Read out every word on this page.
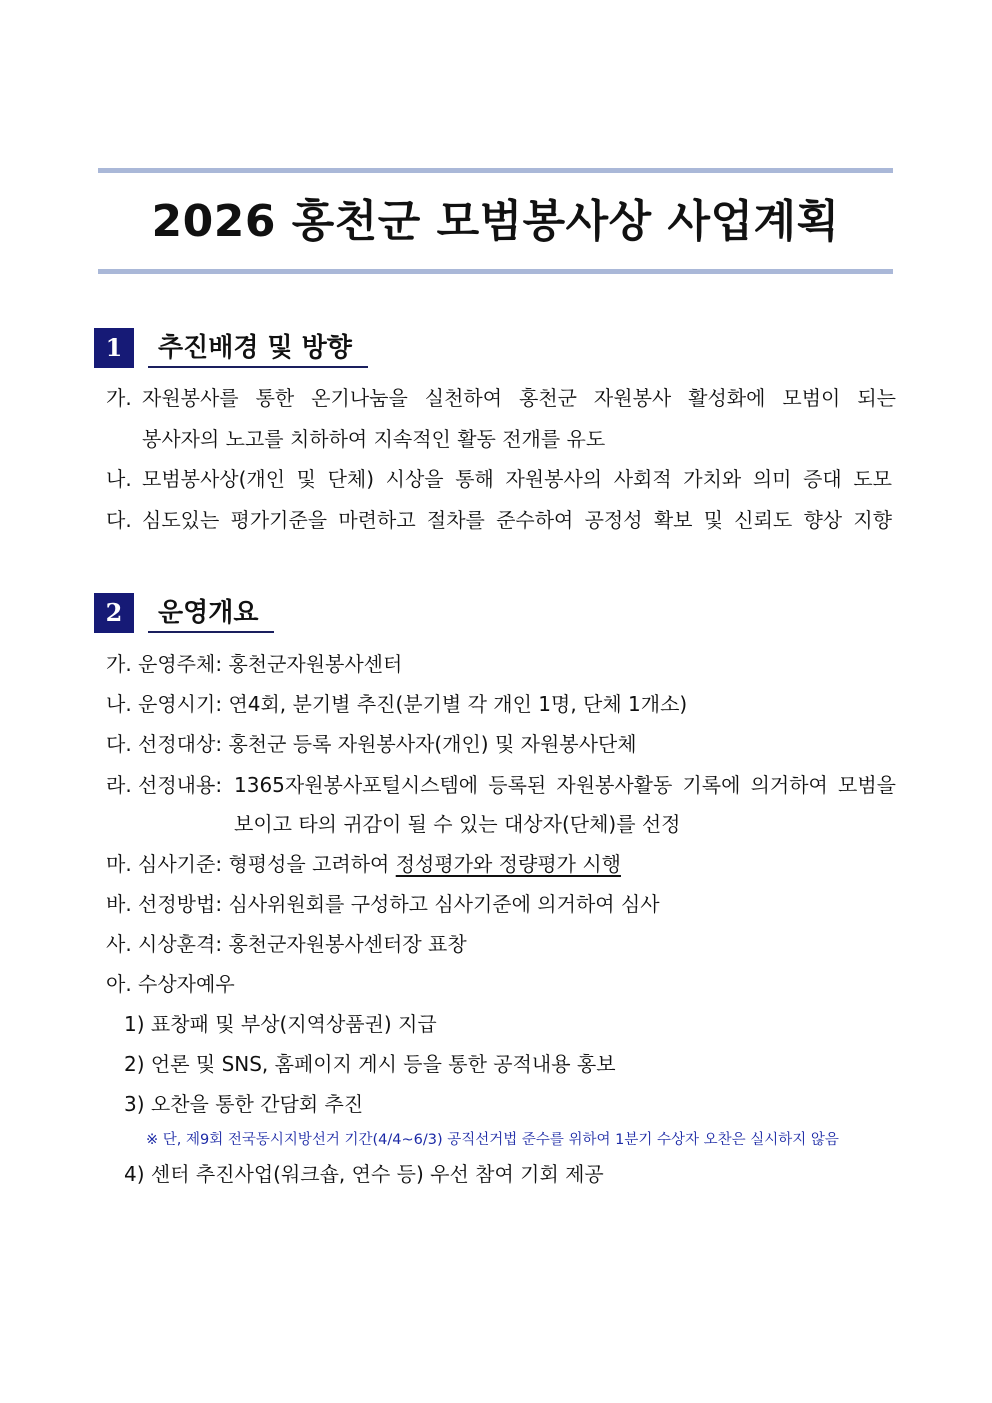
2026 홍천군 모범봉사상 사업계획
1	추진배경 및 방향
가. 자원봉사를 통한 온기나눔을 실천하여 홍천군 자원봉사 활성화에 모범이 되는
봉사자의 노고를 치하하여 지속적인 활동 전개를 유도
나. 모범봉사상(개인 및 단체) 시상을 통해 자원봉사의 사회적 가치와 의미 증대 도모
다. 심도있는 평가기준을 마련하고 절차를 준수하여 공정성 확보 및 신뢰도 향상 지향
2	운영개요
가. 운영주체: 홍천군자원봉사센터
나. 운영시기: 연4회, 분기별 추진(분기별 각 개인 1명, 단체 1개소)
다. 선정대상: 홍천군 등록 자원봉사자(개인) 및 자원봉사단체
라. 선정내용: 1365자원봉사포털시스템에 등록된 자원봉사활동 기록에 의거하여 모범을
보이고 타의 귀감이 될 수 있는 대상자(단체)를 선정
마. 심사기준: 형평성을 고려하여 정성평가와 정량평가 시행
바. 선정방법: 심사위원회를 구성하고 심사기준에 의거하여 심사
사. 시상훈격: 홍천군자원봉사센터장 표창
아. 수상자예우
1) 표창패 및 부상(지역상품권) 지급
2) 언론 및 SNS, 홈페이지 게시 등을 통한 공적내용 홍보
3) 오찬을 통한 간담회 추진
※ 단, 제9회 전국동시지방선거 기간(4/4~6/3) 공직선거법 준수를 위하여 1분기 수상자 오찬은 실시하지 않음
4) 센터 추진사업(워크숍, 연수 등) 우선 참여 기회 제공
